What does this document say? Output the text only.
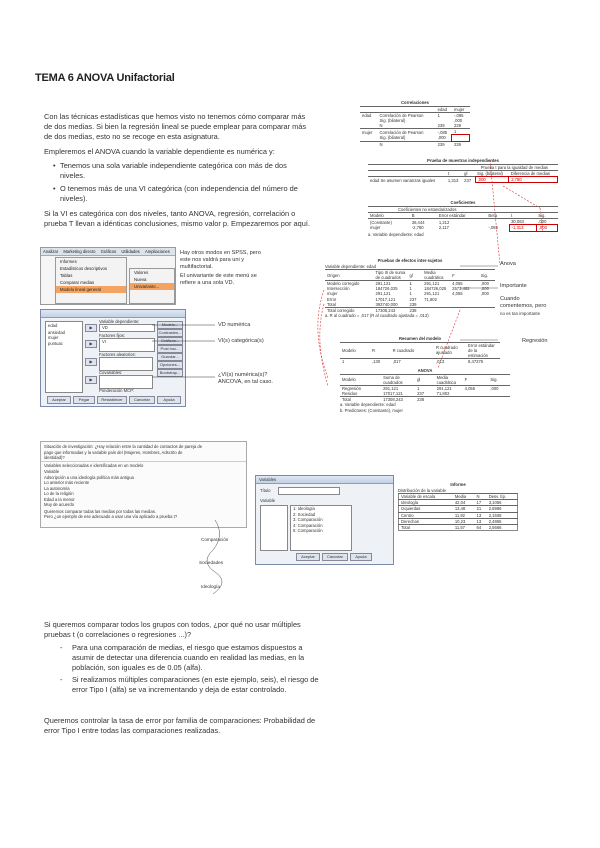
TEMA 6 ANOVA Unifactorial
Con las técnicas estadísticas que hemos visto no tenemos cómo comparar más
de dos medias. Si bien la regresión lineal se puede emplear para comparar más
de dos medias, esto no se recoge en esta asignatura.
Empleremos el ANOVA cuando la variable dependiente es numérica y:
• Tenemos una sola variable independiente categórica con más de dos
niveles.
• O tenemos más de una VI categórica (con independencia del número de
niveles).
Si la VI es categórica con dos niveles, tanto ANOVA, regresión, correlación o
prueba T llevan a idénticas conclusiones, mismo valor p. Empezaremos por aquí.
Correlaciones
		edad	mujer
edad	Correlación de Pearson	1	-,085
	Sig. (bilateral)		,000
	N	239	239
mujer	Correlación de Pearson	-,085	1
	Sig. (bilateral)	,000	
	N	239	239
Prueba de muestras independientes
Prueba t para la igualdad de medias
	t	gl	Sig. (bilateral)	Diferencia de medias
edad Se asumen varianzas iguales	1,313	237	,000	2,780
Coeficientes
Coeficientes no estandarizados
Modelo	B	Error estándar	Beta	t	Sig.
(Constante)	36,444	1,212		30,063	,000
mujer	-2,780	2,117	-,085	-1,313	,000
a. Variable dependiente: edad
Analizar Marketing directo Gráficos Utilidades Ampliaciones
Informes
Estadísticos descriptivos
Tablas
Comparar medias
Modelo lineal general
Valores
Nueva
Univariante...
Hay otros modos en SPSS, pero
este nos valdrá para uni y
multifactorial.
El univariante de este menú se
refiere a una sola VD.
edad
ansiedad
mujer
puntuac
▶
▶
▶
▶
Variable dependiente:
VD
Factores fijos:
VI
Factores aleatorios:
Covariables:
Ponderación MCP:
Modelo...
Contrastes...
Gráficos...
Post hoc...
Guardar...
Opciones...
Bootstrap...
Aceptar	Pegar	Restablecer	Cancelar	Ayuda
VD numérica
VI(s) categórica(s)
¿VI(s) numérica(s)?
ANCOVA, en tal caso.
Pruebas de efectos inter-sujetos
Variable dependiente: edad
Origen	Tipo III de suma de cuadrados	gl	Media cuadrática	F	Sig.
Modelo corregido	291,121	1	291,121	4,055	,000
Intersección	184726,025	1	184726,025	2573,462	,000
mujer	291,121	1	291,121	4,055	,000
Error	17017,121	237	71,802		
Total	393740,000	239			
Total corregido	17308,243	238			
a. R al cuadrado = ,017 (R al cuadrado ajustada = ,013)
Anova
Importante
Cuando
comentemos, pero
no es tan importante
Resumen del modelo
Modelo	R	R cuadrado	R cuadrado ajustado	Error estándar de la estimación
1	,130	,017	,013	8,47376
Regresión
ANOVA
Modelo	Suma de cuadrados	gl	Media cuadrática	F	Sig.
Regresión	291,121	1	291,121	4,055	,000
Residuo	17017,121	237	71,802		
Total	17308,243	238			
a. Variable dependiente: edad
b. Predictores: (Constante), mujer
Situación de investigación: ¿Hay relación entre la cantidad de contactos de pareja de
pago que informadas y la variable país del (Mujeres, Hombres, Adscrito de
identidad)?
Variables seleccionadas e identificadas en un modelo
Variable
Adscripción a una ideología política más antigua
Lo anterior más reciente
La autonomía
Lo de la religión
Edad a la menor
Muy de acuerdo
Queremos comparar todas las medias por todas las medias.
Pero ¿un ejemplo de ese adecuado a usar una vía aplicado a prueba t?
Comparación
Sociedades
Ideología
Variables
Título
Variable
1: Ideología
2: Sociedad
3: Comparación
4: Comparación
5: Comparación
Aceptar	Cancelar	Ayuda
Informe
Distribución de la variable
Variable de escala	Media	N	Desv. típ.
Ideología	42,04	17	3,1056
Izquierdas	13,48	21	2,8986
Centro	11,92	13	2,1508
Derechas	10,23	13	2,4865
Total	11,57	64	2,5666
Si queremos comparar todos los grupos con todos, ¿por qué no usar múltiples
pruebas t (o correlaciones o regresiones ...)?
- Para una comparación de medias, el riesgo que estamos dispuestos a
asumir de detectar una diferencia cuando en realidad las medias, en la
población, son iguales es de 0.05 (alfa).
- Si realizamos múltiples comparaciones (en este ejemplo, seis), el riesgo de
error Tipo I (alfa) se va incrementando y deja de estar controlado.
Queremos controlar la tasa de error por familia de comparaciones: Probabilidad de
error Tipo I entre todas las comparaciones realizadas.
